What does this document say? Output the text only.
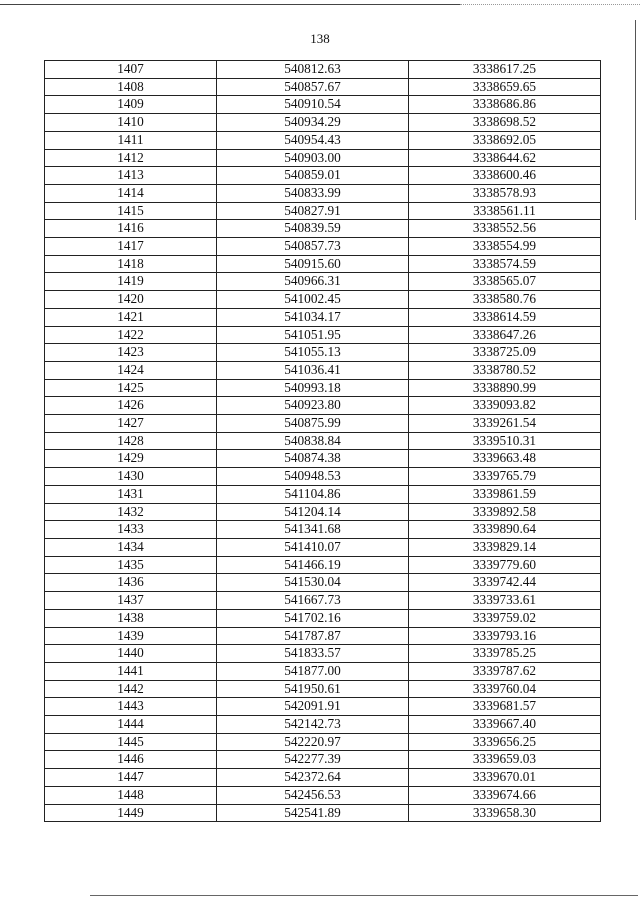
138
1407	540812.63	3338617.25
1408	540857.67	3338659.65
1409	540910.54	3338686.86
1410	540934.29	3338698.52
1411	540954.43	3338692.05
1412	540903.00	3338644.62
1413	540859.01	3338600.46
1414	540833.99	3338578.93
1415	540827.91	3338561.11
1416	540839.59	3338552.56
1417	540857.73	3338554.99
1418	540915.60	3338574.59
1419	540966.31	3338565.07
1420	541002.45	3338580.76
1421	541034.17	3338614.59
1422	541051.95	3338647.26
1423	541055.13	3338725.09
1424	541036.41	3338780.52
1425	540993.18	3338890.99
1426	540923.80	3339093.82
1427	540875.99	3339261.54
1428	540838.84	3339510.31
1429	540874.38	3339663.48
1430	540948.53	3339765.79
1431	541104.86	3339861.59
1432	541204.14	3339892.58
1433	541341.68	3339890.64
1434	541410.07	3339829.14
1435	541466.19	3339779.60
1436	541530.04	3339742.44
1437	541667.73	3339733.61
1438	541702.16	3339759.02
1439	541787.87	3339793.16
1440	541833.57	3339785.25
1441	541877.00	3339787.62
1442	541950.61	3339760.04
1443	542091.91	3339681.57
1444	542142.73	3339667.40
1445	542220.97	3339656.25
1446	542277.39	3339659.03
1447	542372.64	3339670.01
1448	542456.53	3339674.66
1449	542541.89	3339658.30
